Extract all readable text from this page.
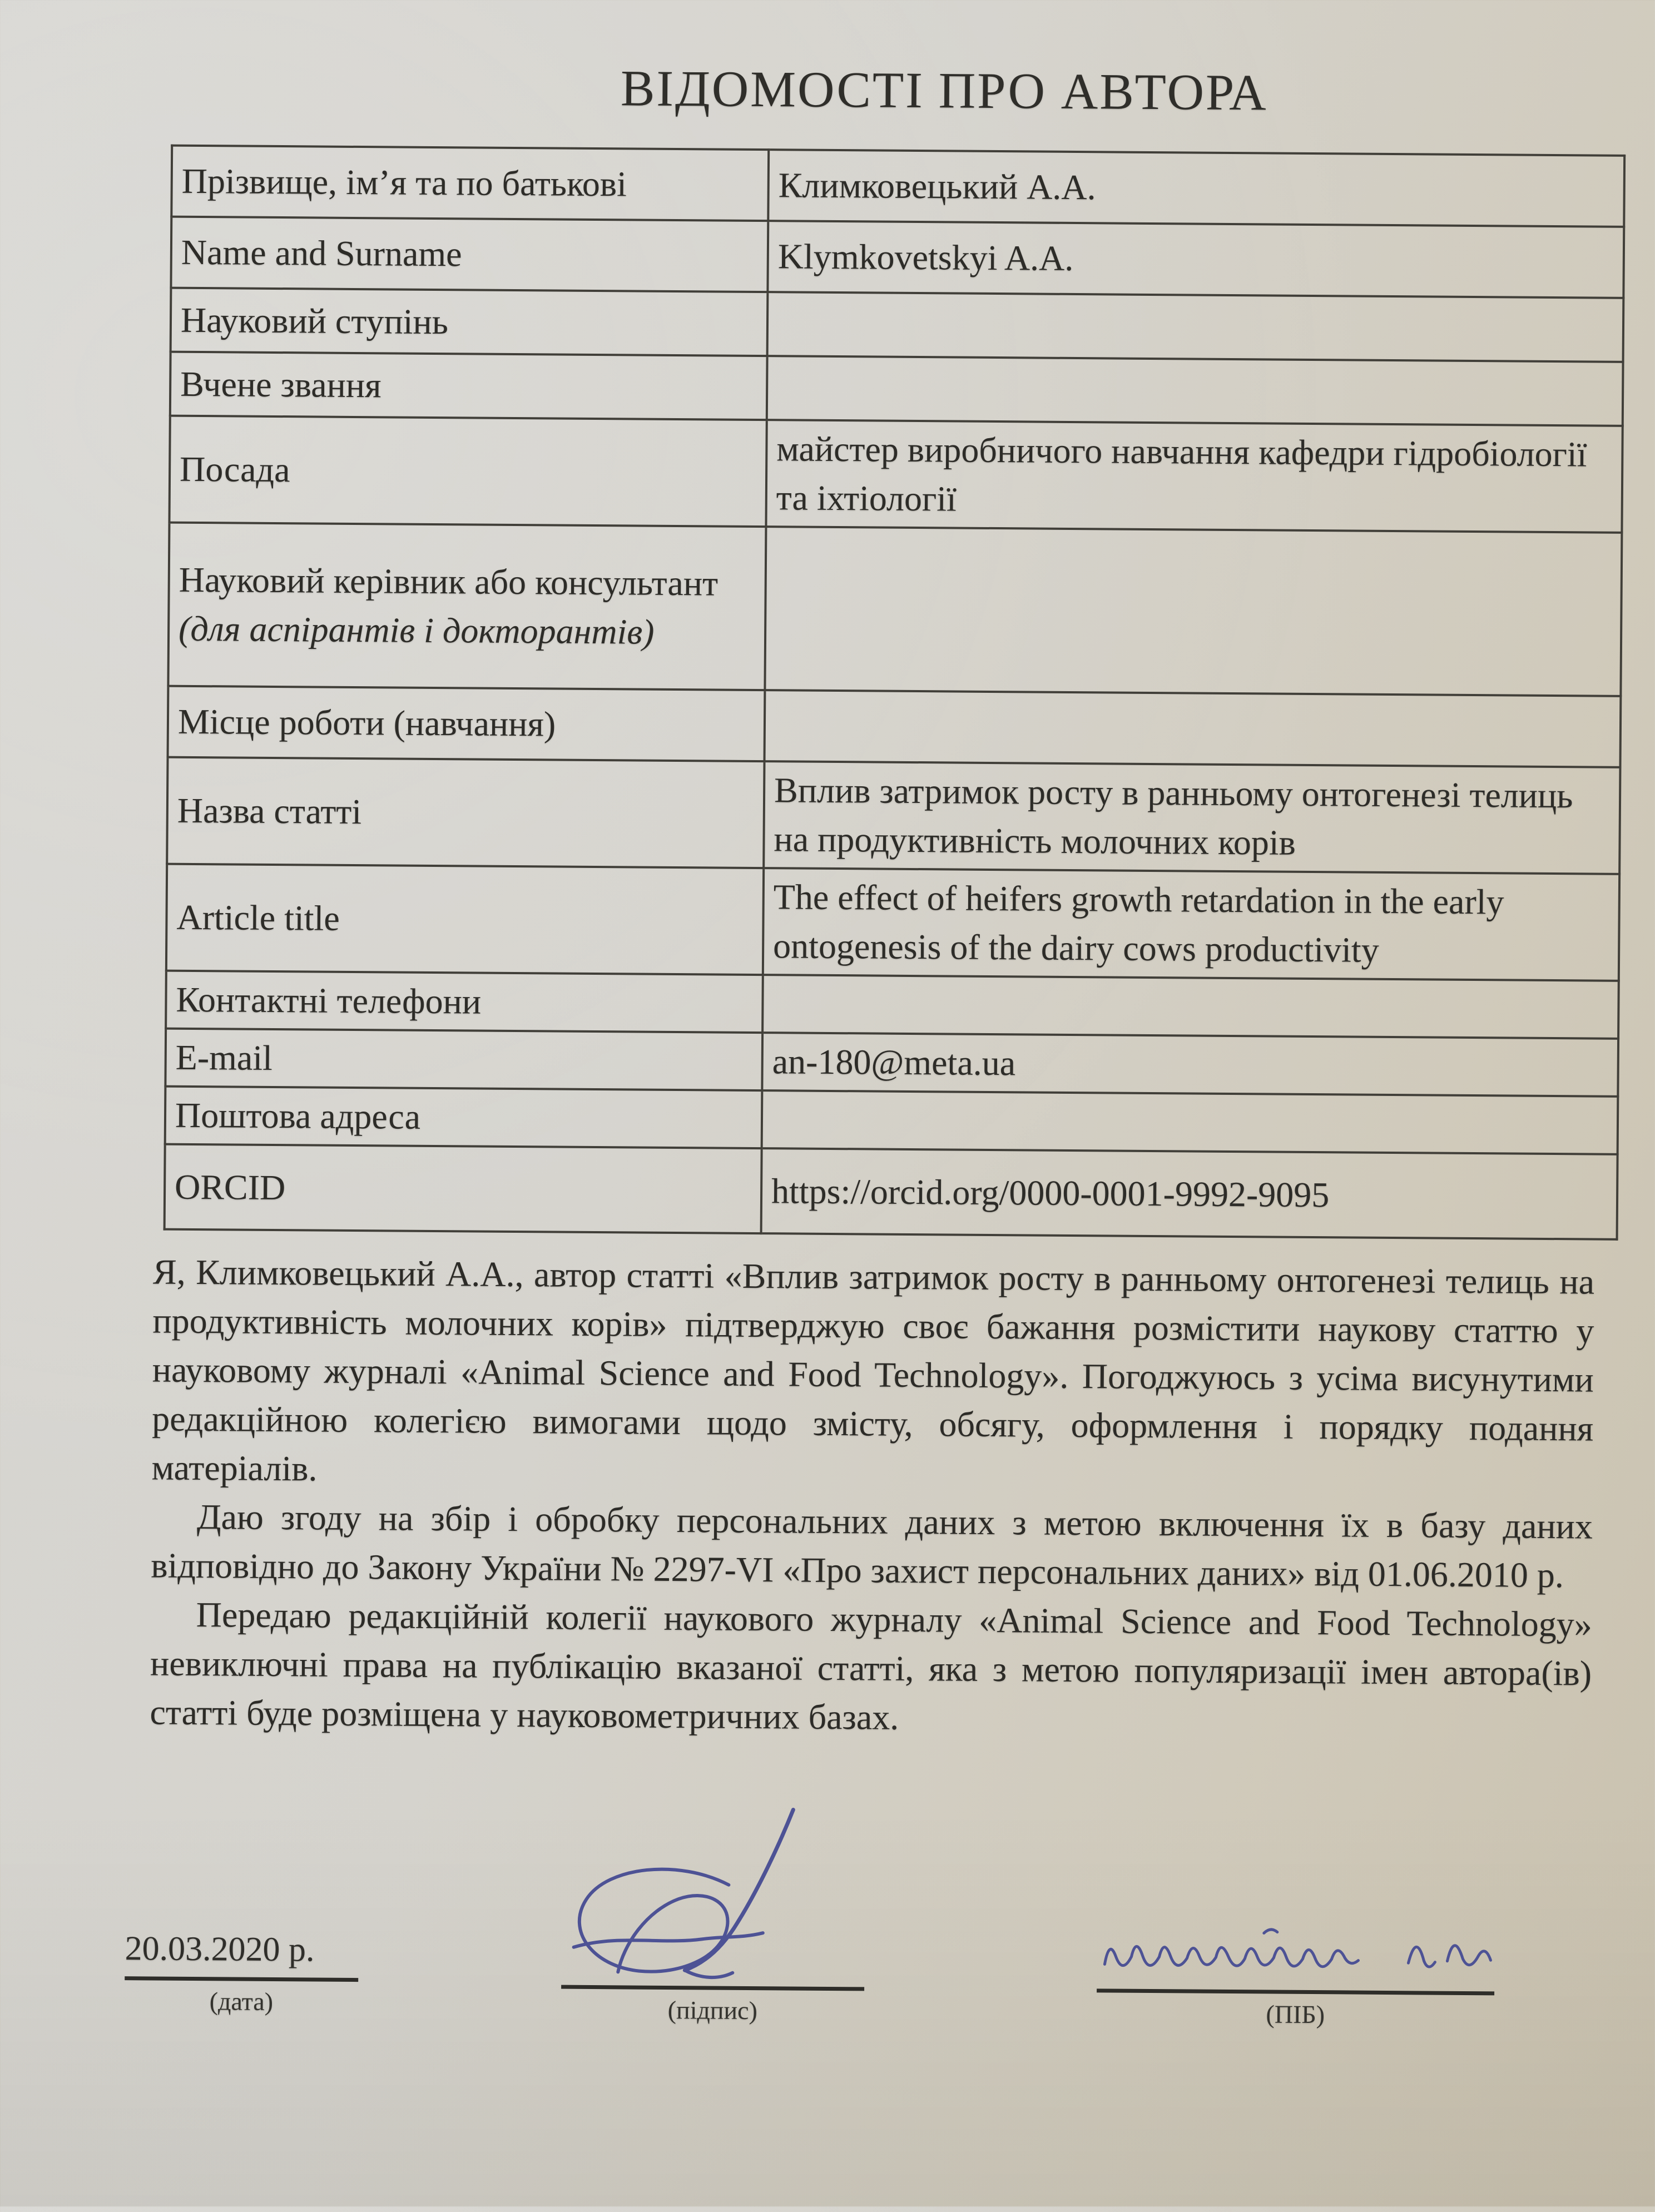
ВІДОМОСТІ ПРО АВТОРА
Прізвище, ім’я та по батькові	Климковецький А.А.
Name and Surname	Klymkovetskyi A.A.
Науковий ступінь	
Вчене звання	
Посада	майстер виробничого навчання кафедри гідробіології та іхтіології
Науковий керівник або консультант (для аспірантів і докторантів)	
Місце роботи (навчання)	
Назва статті	Вплив затримок росту в ранньому онтогенезі телиць на продуктивність молочних корів
Article title	The effect of heifers growth retardation in the early ontogenesis of the dairy cows productivity
Контактні телефони	
E-mail	an-180@meta.ua
Поштова адреса	
ORCID	https://orcid.org/0000-0001-9992-9095

Я, Климковецький А.А., автор статті «Вплив затримок росту в ранньому онтогенезі телиць на продуктивність молочних корів» підтверджую своє бажання розмістити наукову статтю у науковому журналі «Animal Science and Food Technology». Погоджуюсь з усіма висунутими редакційною колегією вимогами щодо змісту, обсягу, оформлення і порядку подання матеріалів.

Даю згоду на збір і обробку персональних даних з метою включення їх в базу даних відповідно до Закону України № 2297-VI «Про захист персональних даних» від 01.06.2010 р.

Передаю редакційній колегії наукового журналу «Animal Science and Food Technology» невиключні права на публікацію вказаної статті, яка з метою популяризації імен автора(ів) статті буде розміщена у науковометричних базах.

20.03.2020 р.
(дата)	(підпис)	(ПІБ)
